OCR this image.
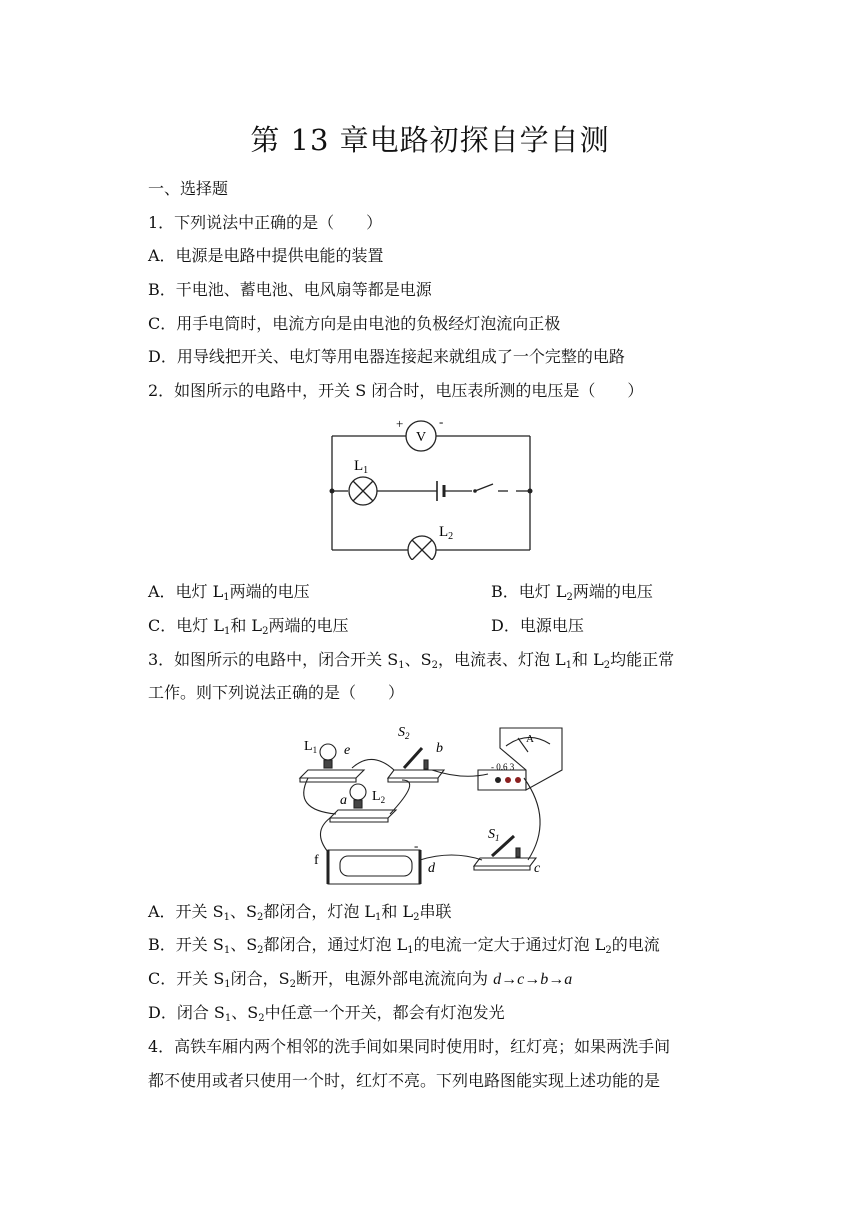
第 13 章电路初探自学自测
一、选择题
1．下列说法中正确的是（　　）
A．电源是电路中提供电能的装置
B．干电池、蓄电池、电风扇等都是电源
C．用手电筒时，电流方向是由电池的负极经灯泡流向正极
D．用导线把开关、电灯等用电器连接起来就组成了一个完整的电路
2．如图所示的电路中，开关 S 闭合时，电压表所测的电压是（　　）
+
V
-
$L_1$
$L_2$
A．电灯 $L_1$两端的电压	B．电灯 $L_2$两端的电压
C．电灯 $L_1$和 $L_2$两端的电压	D．电源电压
3．如图所示的电路中，闭合开关 $S_1$、$S_2$，电流表、灯泡 $L_1$和 $L_2$均能正常
工作。则下列说法正确的是（　　）
$L_1$ e
$S_2$
b
A
- 0.6 3
a $L_2$
f
-
d
$S_1$
c
A．开关 $S_1$、$S_2$都闭合，灯泡 $L_1$和 $L_2$串联
B．开关 $S_1$、$S_2$都闭合，通过灯泡 $L_1$的电流一定大于通过灯泡 $L_2$的电流
C．开关 $S_1$闭合，$S_2$断开，电源外部电流流向为 d→c→b→a
D．闭合 $S_1$、$S_2$中任意一个开关，都会有灯泡发光
4．高铁车厢内两个相邻的洗手间如果同时使用时，红灯亮；如果两洗手间
都不使用或者只使用一个时，红灯不亮。下列电路图能实现上述功能的是
